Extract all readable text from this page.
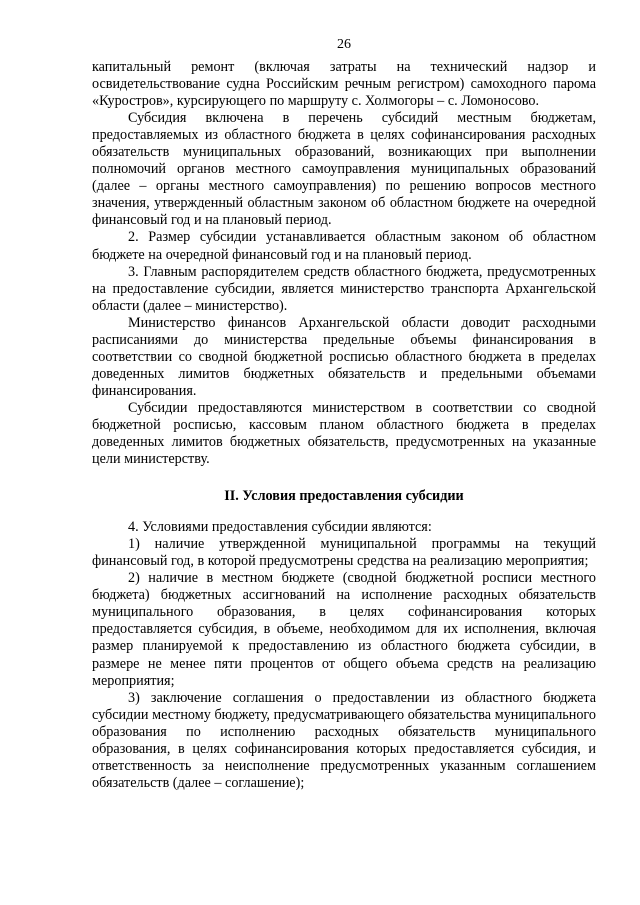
26

капитальный ремонт (включая затраты на технический надзор и освидетельствование судна Российским речным регистром) самоходного парома «Куростров», курсирующего по маршруту с. Холмогоры – с. Ломоносово.

Субсидия включена в перечень субсидий местным бюджетам, предоставляемых из областного бюджета в целях софинансирования расходных обязательств муниципальных образований, возникающих при выполнении полномочий органов местного самоуправления муниципальных образований (далее – органы местного самоуправления) по решению вопросов местного значения, утвержденный областным законом об областном бюджете на очередной финансовый год и на плановый период.

2. Размер субсидии устанавливается областным законом об областном бюджете на очередной финансовый год и на плановый период.

3. Главным распорядителем средств областного бюджета, предусмотренных на предоставление субсидии, является министерство транспорта Архангельской области (далее – министерство).

Министерство финансов Архангельской области доводит расходными расписаниями до министерства предельные объемы финансирования в соответствии со сводной бюджетной росписью областного бюджета в пределах доведенных лимитов бюджетных обязательств и предельными объемами финансирования.

Субсидии предоставляются министерством в соответствии со сводной бюджетной росписью, кассовым планом областного бюджета в пределах доведенных лимитов бюджетных обязательств, предусмотренных на указанные цели министерству.

II. Условия предоставления субсидии

4. Условиями предоставления субсидии являются:

1) наличие утвержденной муниципальной программы на текущий финансовый год, в которой предусмотрены средства на реализацию мероприятия;

2) наличие в местном бюджете (сводной бюджетной росписи местного бюджета) бюджетных ассигнований на исполнение расходных обязательств муниципального образования, в целях софинансирования которых предоставляется субсидия, в объеме, необходимом для их исполнения, включая размер планируемой к предоставлению из областного бюджета субсидии, в размере не менее пяти процентов от общего объема средств на реализацию мероприятия;

3) заключение соглашения о предоставлении из областного бюджета субсидии местному бюджету, предусматривающего обязательства муниципального образования по исполнению расходных обязательств муниципального образования, в целях софинансирования которых предоставляется субсидия, и ответственность за неисполнение предусмотренных указанным соглашением обязательств (далее – соглашение);
